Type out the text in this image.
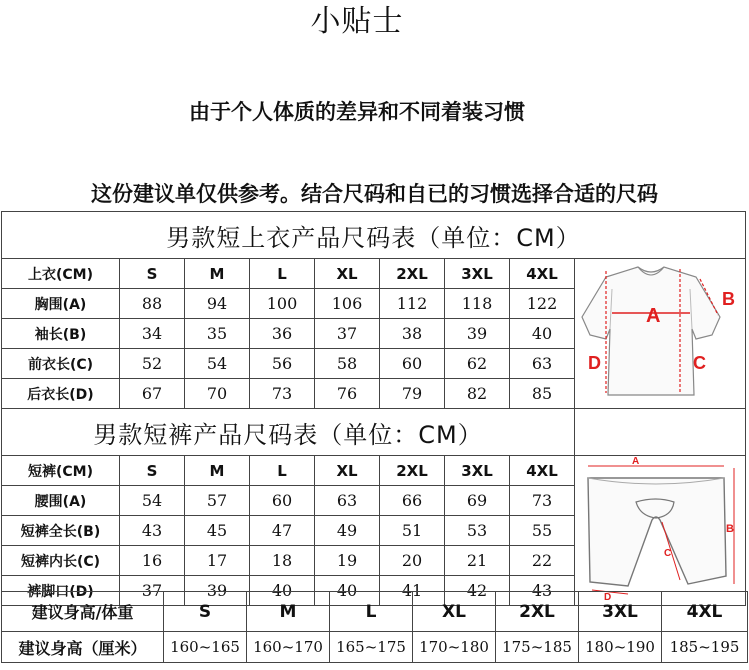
小贴士
由于个人体质的差异和不同着装习惯
这份建议单仅供参考。结合尺码和自已的习惯选择合适的尺码
男款短上衣产品尺码表（单位：CM）								
上衣(CM)	S	M	L	XL	2XL	3XL	4XL	A
B
C
D

胸围(A)	88	94	100	106	112	118	122	
袖长(B)	34	35	36	37	38	39	40	
前衣长(C)	52	54	56	58	60	62	63	
后衣长(D)	67	70	73	76	79	82	85	
男款短裤产品尺码表（单位：CM）								
短裤(CM)	S	M	L	XL	2XL	3XL	4XL	A
B
C
D

腰围(A)	54	57	60	63	66	69	73	
短裤全长(B)	43	45	47	49	51	53	55	
短裤内长(C)	16	17	18	19	20	21	22	
裤脚口(D)	37	39	40	40	41	42	43	
建议身高/体重	S	M	L	XL	2XL	3XL	4XL
建议身高（厘米）	160~165	160~170	165~175	170~180	175~185	180~190	185~195
